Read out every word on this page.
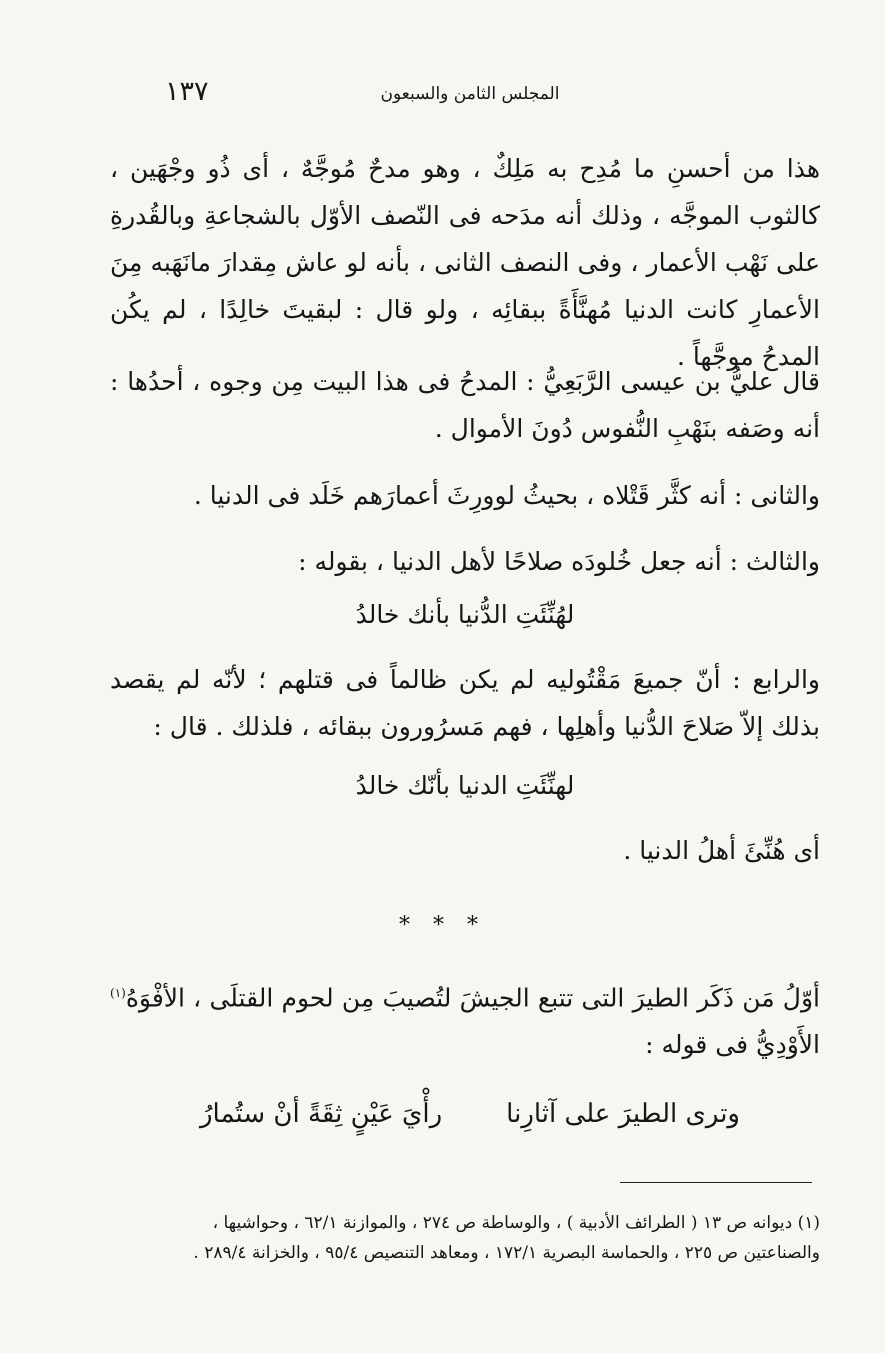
١٣٧	المجلس الثامن والسبعون
هذا من أحسنِ ما مُدِح به مَلِكٌ ، وهو مدحٌ مُوجَّهٌ ، أى ذُو وجْهَين ، كالثوب الموجَّه ، وذلك أنه مدَحه فى النّصف الأوّل بالشجاعةِ وبالقُدرةِ على نَهْب الأعمار ، وفى النصف الثانى ، بأنه لو عاش مِقدارَ مانَهَبه مِنَ الأعمارِ كانت الدنيا مُهنَّأَةً ببقائِه ، ولو قال : لبقيتَ خالِدًا ، لم يكُن المدحُ موجَّهاً .
قال عليُّ بن عيسى الرَّبَعِيُّ : المدحُ فى هذا البيت مِن وجوه ، أحدُها : أنه وصَفه بنَهْبِ النُّفوس دُونَ الأموال .
والثانى : أنه كثَّر قَتْلاه ، بحيثُ لوورِثَ أعمارَهم خَلَد فى الدنيا .
والثالث : أنه جعل خُلودَه صلاحًا لأهل الدنيا ، بقوله :
لهُنِّئَتِ الدُّنيا بأنك خالدُ
والرابع : أنّ جميعَ مَقْتُوليه لم يكن ظالماً فى قتلهم ؛ لأنّه لم يقصد بذلك إلاّ صَلاحَ الدُّنيا وأهلِها ، فهم مَسرُورون ببقائه ، فلذلك . قال :
لهنِّئَتِ الدنيا بأنّك خالدُ
أى هُنِّئَ أهلُ الدنيا .
* * *
أوّلُ مَن ذَكَر الطيرَ التى تتبع الجيشَ لتُصيبَ مِن لحوم القتلَى ، الأفْوَهُ$^{(١)}$ الأَوْدِيُّ فى قوله :
وترى الطيرَ على آثارِنا
رأْيَ عَيْنٍ ثِقَةً أنْ ستُمارُ
(١) ديوانه ص ١٣ ( الطرائف الأدبية ) ، والوساطة ص ٢٧٤ ، والموازنة ٦٢/١ ، وحواشيها ،
والصناعتين ص ٢٢٥ ، والحماسة البصرية ١٧٢/١ ، ومعاهد التنصيص ٩٥/٤ ، والخزانة ٢٨٩/٤ .
